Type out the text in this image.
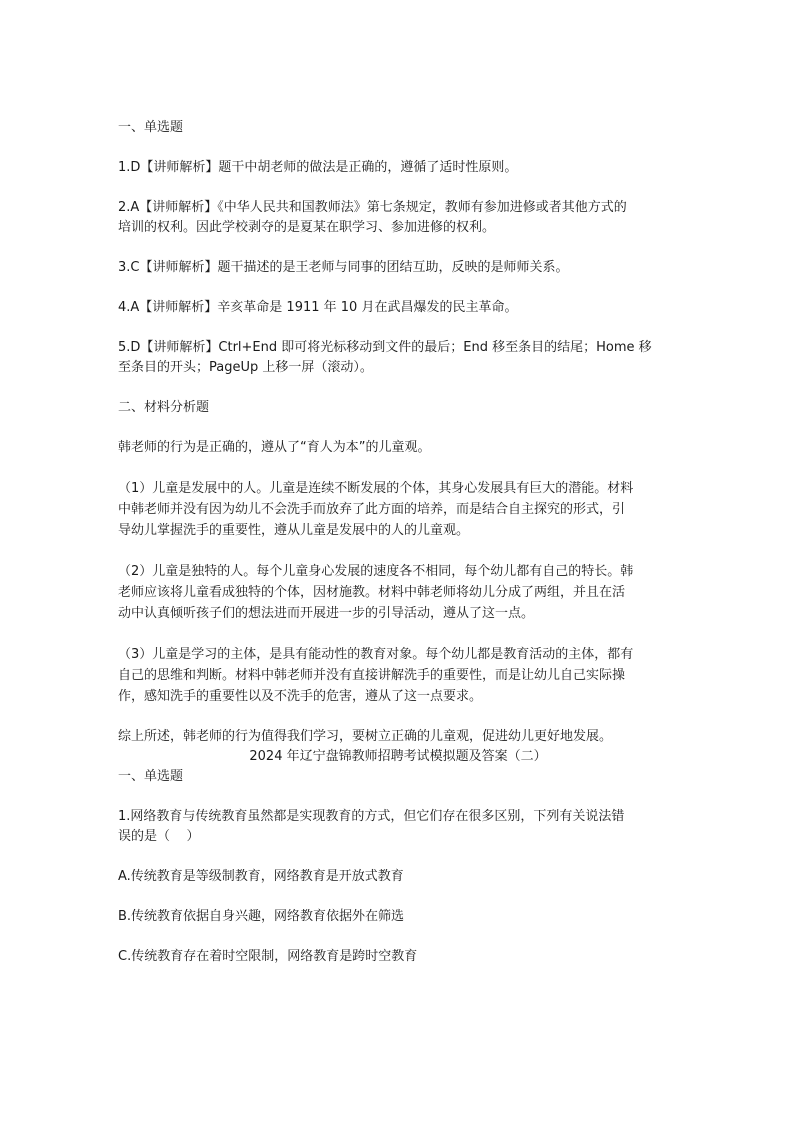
一、单选题

1.D【讲师解析】题干中胡老师的做法是正确的，遵循了适时性原则。

2.A【讲师解析】《中华人民共和国教师法》第七条规定，教师有参加进修或者其他方式的

培训的权利。因此学校剥夺的是夏某在职学习、参加进修的权利。

3.C【讲师解析】题干描述的是王老师与同事的团结互助，反映的是师师关系。

4.A【讲师解析】辛亥革命是 1911 年 10 月在武昌爆发的民主革命。

5.D【讲师解析】Ctrl+End 即可将光标移动到文件的最后；End 移至条目的结尾；Home 移

至条目的开头；PageUp 上移一屏（滚动）。

二、材料分析题

韩老师的行为是正确的，遵从了“育人为本”的儿童观。

（1）儿童是发展中的人。儿童是连续不断发展的个体，其身心发展具有巨大的潜能。材料

中韩老师并没有因为幼儿不会洗手而放弃了此方面的培养，而是结合自主探究的形式，引

导幼儿掌握洗手的重要性，遵从儿童是发展中的人的儿童观。

（2）儿童是独特的人。每个儿童身心发展的速度各不相同，每个幼儿都有自己的特长。韩

老师应该将儿童看成独特的个体，因材施教。材料中韩老师将幼儿分成了两组，并且在活

动中认真倾听孩子们的想法进而开展进一步的引导活动，遵从了这一点。

（3）儿童是学习的主体，是具有能动性的教育对象。每个幼儿都是教育活动的主体，都有

自己的思维和判断。材料中韩老师并没有直接讲解洗手的重要性，而是让幼儿自己实际操

作，感知洗手的重要性以及不洗手的危害，遵从了这一点要求。

综上所述，韩老师的行为值得我们学习，要树立正确的儿童观，促进幼儿更好地发展。

2024 年辽宁盘锦教师招聘考试模拟题及答案（二）

一、单选题

1.网络教育与传统教育虽然都是实现教育的方式，但它们存在很多区别，下列有关说法错

误的是（    ）

A.传统教育是等级制教育，网络教育是开放式教育

B.传统教育依据自身兴趣，网络教育依据外在筛选

C.传统教育存在着时空限制，网络教育是跨时空教育
